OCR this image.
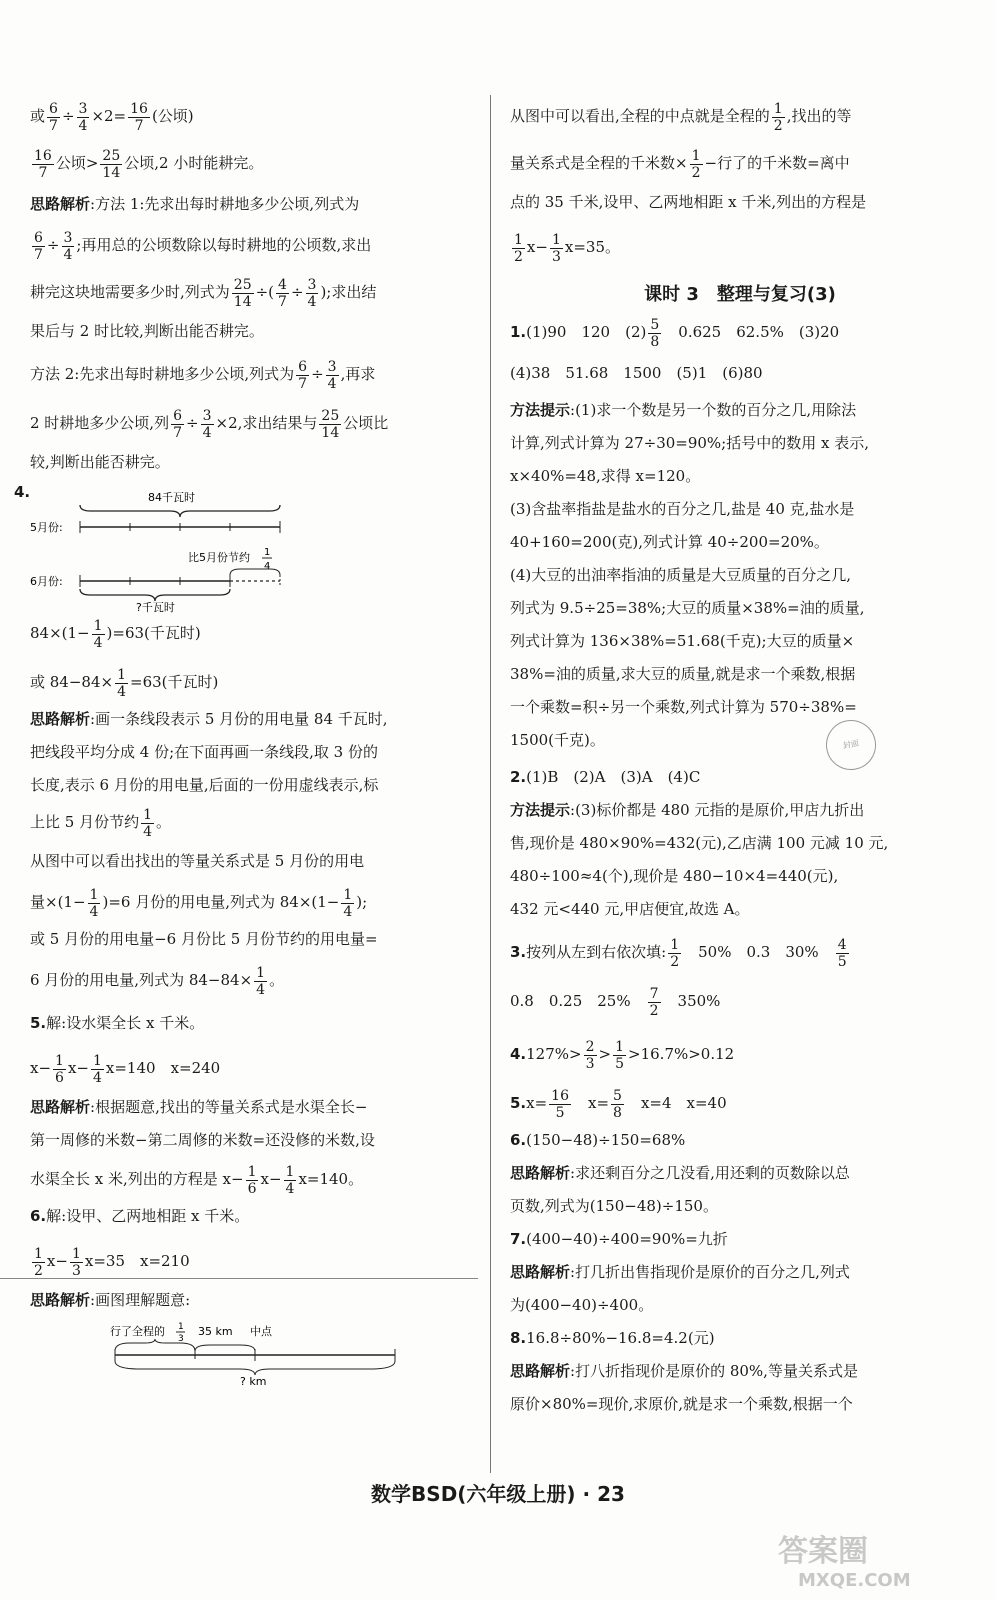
或 $\frac{6}{7} \div \frac{3}{4} \times 2= \frac{16}{7}$ (公顷)
$\frac{16}{7}$ 公顷> $\frac{25}{14}$ 公顷,2 小时能耕完。
思路解析:方法 1:先求出每时耕地多少公顷,列式为
$\frac{6}{7} \div \frac{3}{4}$ ;再用总的公顷数除以每时耕地的公顷数,求出
耕完这块地需要多少时,列式为 $\frac{25}{14}$ ÷( $\frac{4}{7} \div \frac{3}{4}$ );求出结
果后与 2 时比较,判断出能否耕完。
方法 2:先求出每时耕地多少公顷,列式为 $\frac{6}{7} \div \frac{3}{4}$ ,再求
2 时耕地多少公顷,列 $\frac{6}{7} \div \frac{3}{4} \times 2$,求出结果与 $\frac{25}{14}$ 公顷比
较,判断出能否耕完。
4.	84千瓦时
5月份:
比5月份节约 1
4
6月份:
?千瓦时
$84\times(1- \frac{1}{4} )=63$(千瓦时)
或 $84-84\times \frac{1}{4} =63$(千瓦时)
思路解析:画一条线段表示 5 月份的用电量 84 千瓦时,
把线段平均分成 4 份;在下面再画一条线段,取 3 份的
长度,表示 6 月份的用电量,后面的一份用虚线表示,标
上比 5 月份节约 $\frac{1}{4}$ 。
从图中可以看出找出的等量关系式是 5 月份的用电
量$\times(1- \frac{1}{4} )=6$ 月份的用电量,列式为 $84\times(1- \frac{1}{4}$ );
或 5 月份的用电量−6 月份比 5 月份节约的用电量=
6 月份的用电量,列式为 $84-84\times \frac{1}{4}$ 。
5.解:设水渠全长 x 千米。
$x- \frac{1}{6} x- \frac{1}{4} x=140$　x=240
思路解析:根据题意,找出的等量关系式是水渠全长−
第一周修的米数−第二周修的米数=还没修的米数,设
水渠全长 x 米,列出的方程是 $x- \frac{1}{6} x- \frac{1}{4} x=140$。
6.解:设甲、乙两地相距 x 千米。
$\frac{1}{2} x- \frac{1}{3} x=35$　x=210
思路解析:画图理解题意:
行了全程的 1
3
35 km 中点
? km
从图中可以看出,全程的中点就是全程的 $\frac{1}{2}$ ,找出的等
量关系式是全程的千米数× $\frac{1}{2}$ −行了的千米数=离中
点的 35 千米,设甲、乙两地相距 x 千米,列出的方程是
$\frac{1}{2} x- \frac{1}{3} x=35$。
课时 3　整理与复习(3)
1.(1)90　120　$(2) \frac{5}{8}$ 　0.625　62.5%　(3)20
(4)38　51.68　1500　(5)1　(6)80
方法提示:(1)求一个数是另一个数的百分之几,用除法
计算,列式计算为 27÷30=90%;括号中的数用 x 表示,
x×40%=48,求得 x=120。
(3)含盐率指盐是盐水的百分之几,盐是 40 克,盐水是
40+160=200(克),列式计算 40÷200=20%。
(4)大豆的出油率指油的质量是大豆质量的百分之几,
列式为 9.5÷25=38%;大豆的质量×38%=油的质量,
列式计算为 136×38%=51.68(千克);大豆的质量×
38%=油的质量,求大豆的质量,就是求一个乘数,根据
一个乘数=积÷另一个乘数,列式计算为 570÷38%=
1500(千克)。
2.(1)B　(2)A　(3)A　(4)C
方法提示:(3)标价都是 480 元指的是原价,甲店九折出
售,现价是 480×90%=432(元),乙店满 100 元减 10 元,
480÷100≈4(个),现价是 480−10×4=440(元),
432 元<440 元,甲店便宜,故选 A。
3.按列从左到右依次填: $\frac{1}{2}$ 　50%　0.3　30%　 $\frac{4}{5}$
0.8　0.25　25%　 $\frac{7}{2}$ 　350%
$4.127\%> \frac{2}{3} > \frac{1}{5} >16.7\%>0.12$
$5.x= \frac{16}{5}$ 　$x= \frac{5}{8}$ 　x=4　x=40
6.(150−48)÷150=68%
思路解析:求还剩百分之几没看,用还剩的页数除以总
页数,列式为(150−48)÷150。
7.(400−40)÷400=90%=九折
思路解析:打几折出售指现价是原价的百分之几,列式
为(400−40)÷400。
8.16.8÷80%−16.8=4.2(元)
思路解析:打八折指现价是原价的 80%,等量关系式是
原价×80%=现价,求原价,就是求一个乘数,根据一个
封面
数学BSD(六年级上册) · 23
答案圈
MXQE.COM
